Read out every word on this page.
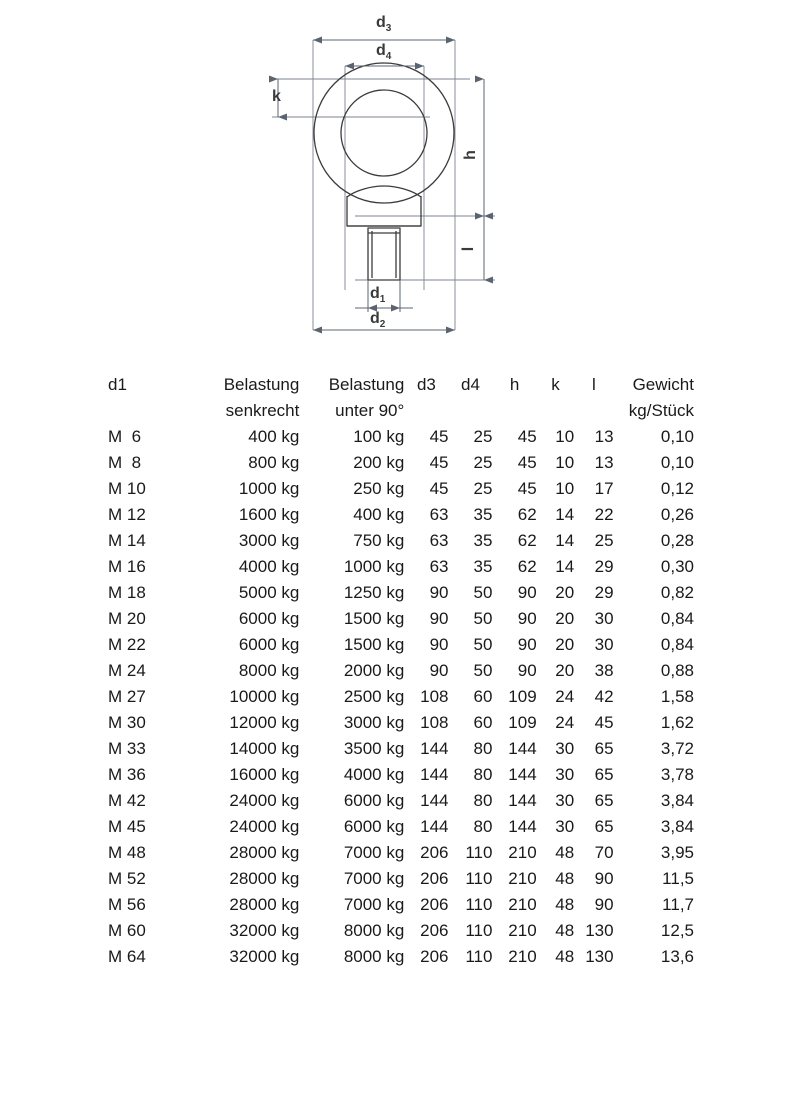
$d_3$
$d_4$
k
h
l
$d_1$
$d_2$
d1	Belastung	Belastung	d3	d4	h	k	l	Gewicht
	senkrecht	unter 90°						kg/Stück
M  6	400 kg	100 kg	45	25	45	10	13	0,10
M  8	800 kg	200 kg	45	25	45	10	13	0,10
M 10	1000 kg	250 kg	45	25	45	10	17	0,12
M 12	1600 kg	400 kg	63	35	62	14	22	0,26
M 14	3000 kg	750 kg	63	35	62	14	25	0,28
M 16	4000 kg	1000 kg	63	35	62	14	29	0,30
M 18	5000 kg	1250 kg	90	50	90	20	29	0,82
M 20	6000 kg	1500 kg	90	50	90	20	30	0,84
M 22	6000 kg	1500 kg	90	50	90	20	30	0,84
M 24	8000 kg	2000 kg	90	50	90	20	38	0,88
M 27	10000 kg	2500 kg	108	60	109	24	42	1,58
M 30	12000 kg	3000 kg	108	60	109	24	45	1,62
M 33	14000 kg	3500 kg	144	80	144	30	65	3,72
M 36	16000 kg	4000 kg	144	80	144	30	65	3,78
M 42	24000 kg	6000 kg	144	80	144	30	65	3,84
M 45	24000 kg	6000 kg	144	80	144	30	65	3,84
M 48	28000 kg	7000 kg	206	110	210	48	70	3,95
M 52	28000 kg	7000 kg	206	110	210	48	90	11,5
M 56	28000 kg	7000 kg	206	110	210	48	90	11,7
M 60	32000 kg	8000 kg	206	110	210	48	130	12,5
M 64	32000 kg	8000 kg	206	110	210	48	130	13,6
